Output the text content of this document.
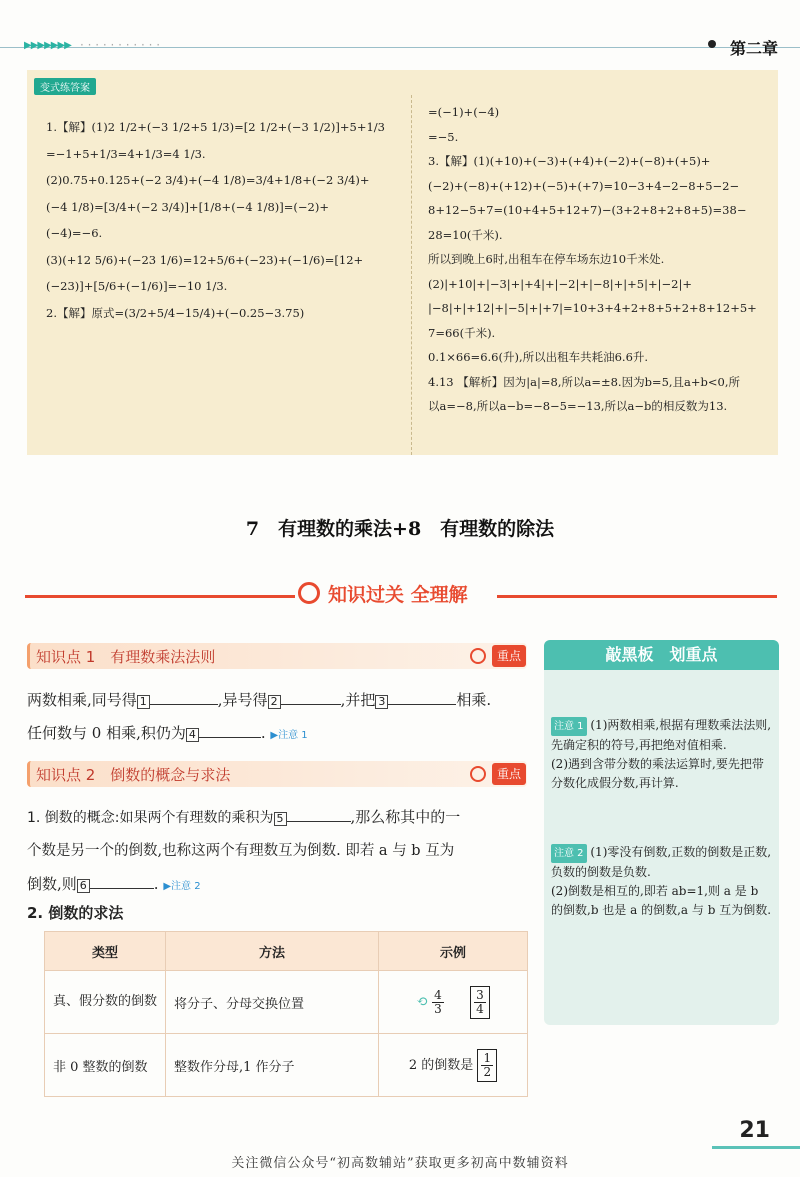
▶▶▶▶▶▶▶ · · · · · · · · · · ·	第二章
变式练答案
1.【解】(1)2 1/2+(−3 1/2+5 1/3)=[2 1/2+(−3 1/2)]+5+1/3
=−1+5+1/3=4+1/3=4 1/3.
(2)0.75+0.125+(−2 3/4)+(−4 1/8)=3/4+1/8+(−2 3/4)+
(−4 1/8)=[3/4+(−2 3/4)]+[1/8+(−4 1/8)]=(−2)+
(−4)=−6.
(3)(+12 5/6)+(−23 1/6)=12+5/6+(−23)+(−1/6)=[12+
(−23)]+[5/6+(−1/6)]=−10 1/3.
2.【解】原式=(3/2+5/4−15/4)+(−0.25−3.75)
=(−1)+(−4)
=−5.
3.【解】(1)(+10)+(−3)+(+4)+(−2)+(−8)+(+5)+
(−2)+(−8)+(+12)+(−5)+(+7)=10−3+4−2−8+5−2−
8+12−5+7=(10+4+5+12+7)−(3+2+8+2+8+5)=38−
28=10(千米).
所以到晚上6时,出租车在停车场东边10千米处.
(2)|+10|+|−3|+|+4|+|−2|+|−8|+|+5|+|−2|+
|−8|+|+12|+|−5|+|+7|=10+3+4+2+8+5+2+8+12+5+
7=66(千米).
0.1×66=6.6(升),所以出租车共耗油6.6升.
4.13 【解析】因为|a|=8,所以a=±8.因为b=5,且a+b<0,所
以a=−8,所以a−b=−8−5=−13,所以a−b的相反数为13.
7　有理数的乘法+8　有理数的除法
知识过关 全理解
知识点 1　有理数乘法法则	重点
两数相乘,同号得 1	,异号得 2	,并把 3	相乘.
任何数与 0 相乘,积仍为 4	. ▶注意 1
知识点 2　倒数的概念与求法	重点
1. 倒数的概念:如果两个有理数的乘积为 5	,那么称其中的一
个数是另一个的倒数,也称这两个有理数互为倒数. 即若 a 与 b 互为
倒数,则 6	. ▶注意 2
2. 倒数的求法
类型	方法	示例
真、假分数的倒数	将分子、分母交换位置	⟲ $\frac{4}{3} \frac{3}{4}$
非 0 整数的倒数	整数作分母,1 作分子	2 的倒数是 $\frac{1}{2}$
敲黑板　划重点
注意 1 (1)两数相乘,根据有理数乘法法则,先确定积的符号,再把绝对值相乘.
(2)遇到含带分数的乘法运算时,要先把带分数化成假分数,再计算.
注意 2 (1)零没有倒数,正数的倒数是正数,负数的倒数是负数.
(2)倒数是相互的,即若 ab=1,则 a 是 b 的倒数,b 也是 a 的倒数,a 与 b 互为倒数.
21
关注微信公众号“初高数辅站”获取更多初高中数辅资料
